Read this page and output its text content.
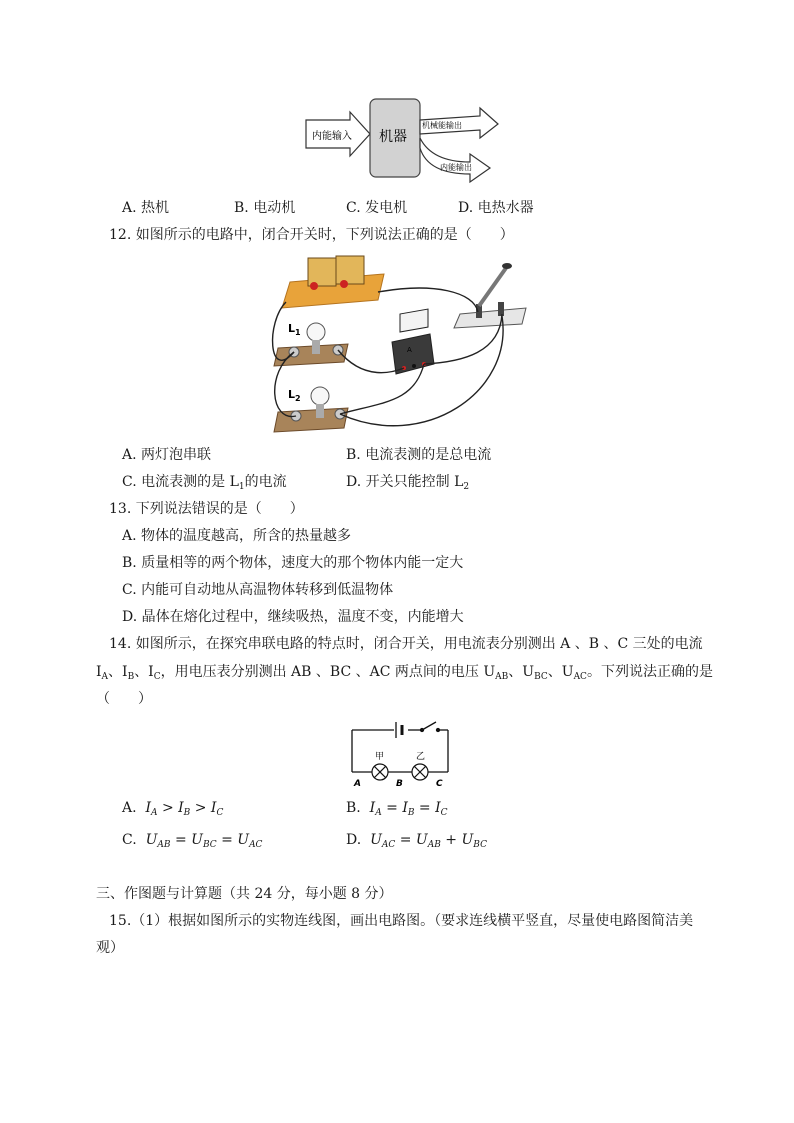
内能输入 机器
机械能输出
内能输出
A. 热机	B. 电动机	C. 发电机	D. 电热水器
12. 如图所示的电路中，闭合开关时，下列说法正确的是（　　）
A
$L_1$
$L_2$
A. 两灯泡串联	B. 电流表测的是总电流
C. 电流表测的是 $L_1$的电流	D. 开关只能控制 $L_2$
13. 下列说法错误的是（　　）
A. 物体的温度越高，所含的热量越多
B. 质量相等的两个物体，速度大的那个物体内能一定大
C. 内能可自动地从高温物体转移到低温物体
D. 晶体在熔化过程中，继续吸热，温度不变，内能增大
14. 如图所示，在探究串联电路的特点时，闭合开关，用电流表分别测出 A 、B 、C 三处的电流
$I_A$、$I_B$、$I_C$，用电压表分别测出 AB 、BC 、AC 两点间的电压 $U_{AB}$、$U_{BC}$、$U_{AC}$。下列说法正确的是
（　　）
甲	乙
A	B	C
A. $I_A > I_B > I_C$	B. $I_A = I_B = I_C$
C. $U_{AB} = U_{BC} = U_{AC}$	D. $U_{AC} = U_{AB} + U_{BC}$
三、作图题与计算题（共 24 分，每小题 8 分）
15.（1）根据如图所示的实物连线图，画出电路图。（要求连线横平竖直，尽量使电路图简洁美
观）
